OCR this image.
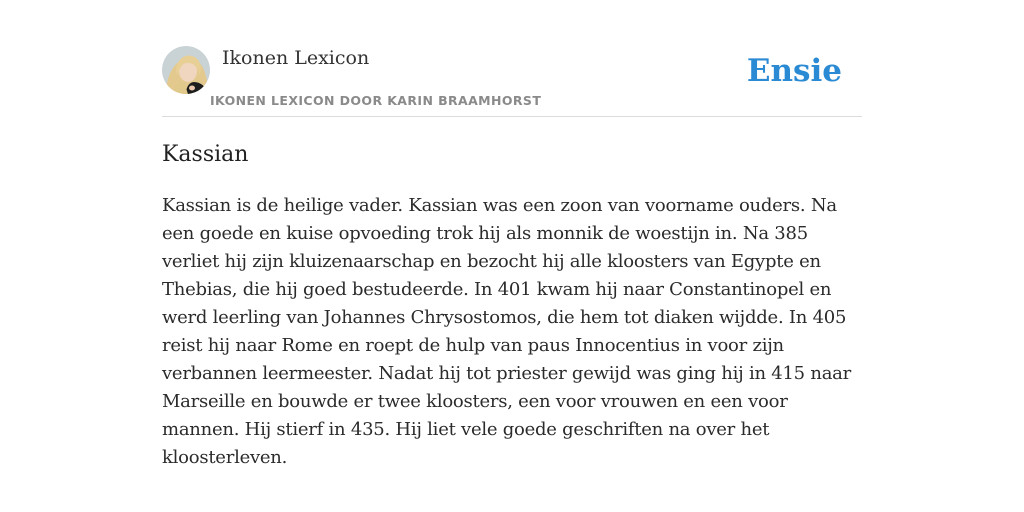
Ikonen Lexicon
IKONEN LEXICON DOOR KARIN BRAAMHORST
Ensie
Kassian

Kassian is de heilige vader. Kassian was een zoon van voorname ouders. Na een goede en kuise opvoeding trok hij als monnik de woestijn in. Na 385 verliet hij zijn kluizenaarschap en bezocht hij alle kloosters van Egypte en Thebias, die hij goed bestudeerde. In 401 kwam hij naar Constantinopel en werd leerling van Johannes Chrysostomos, die hem tot diaken wijdde. In 405 reist hij naar Rome en roept de hulp van paus Innocentius in voor zijn verbannen leermeester. Nadat hij tot priester gewijd was ging hij in 415 naar Marseille en bouwde er twee kloosters, een voor vrouwen en een voor mannen. Hij stierf in 435. Hij liet vele goede geschriften na over het kloosterleven.
